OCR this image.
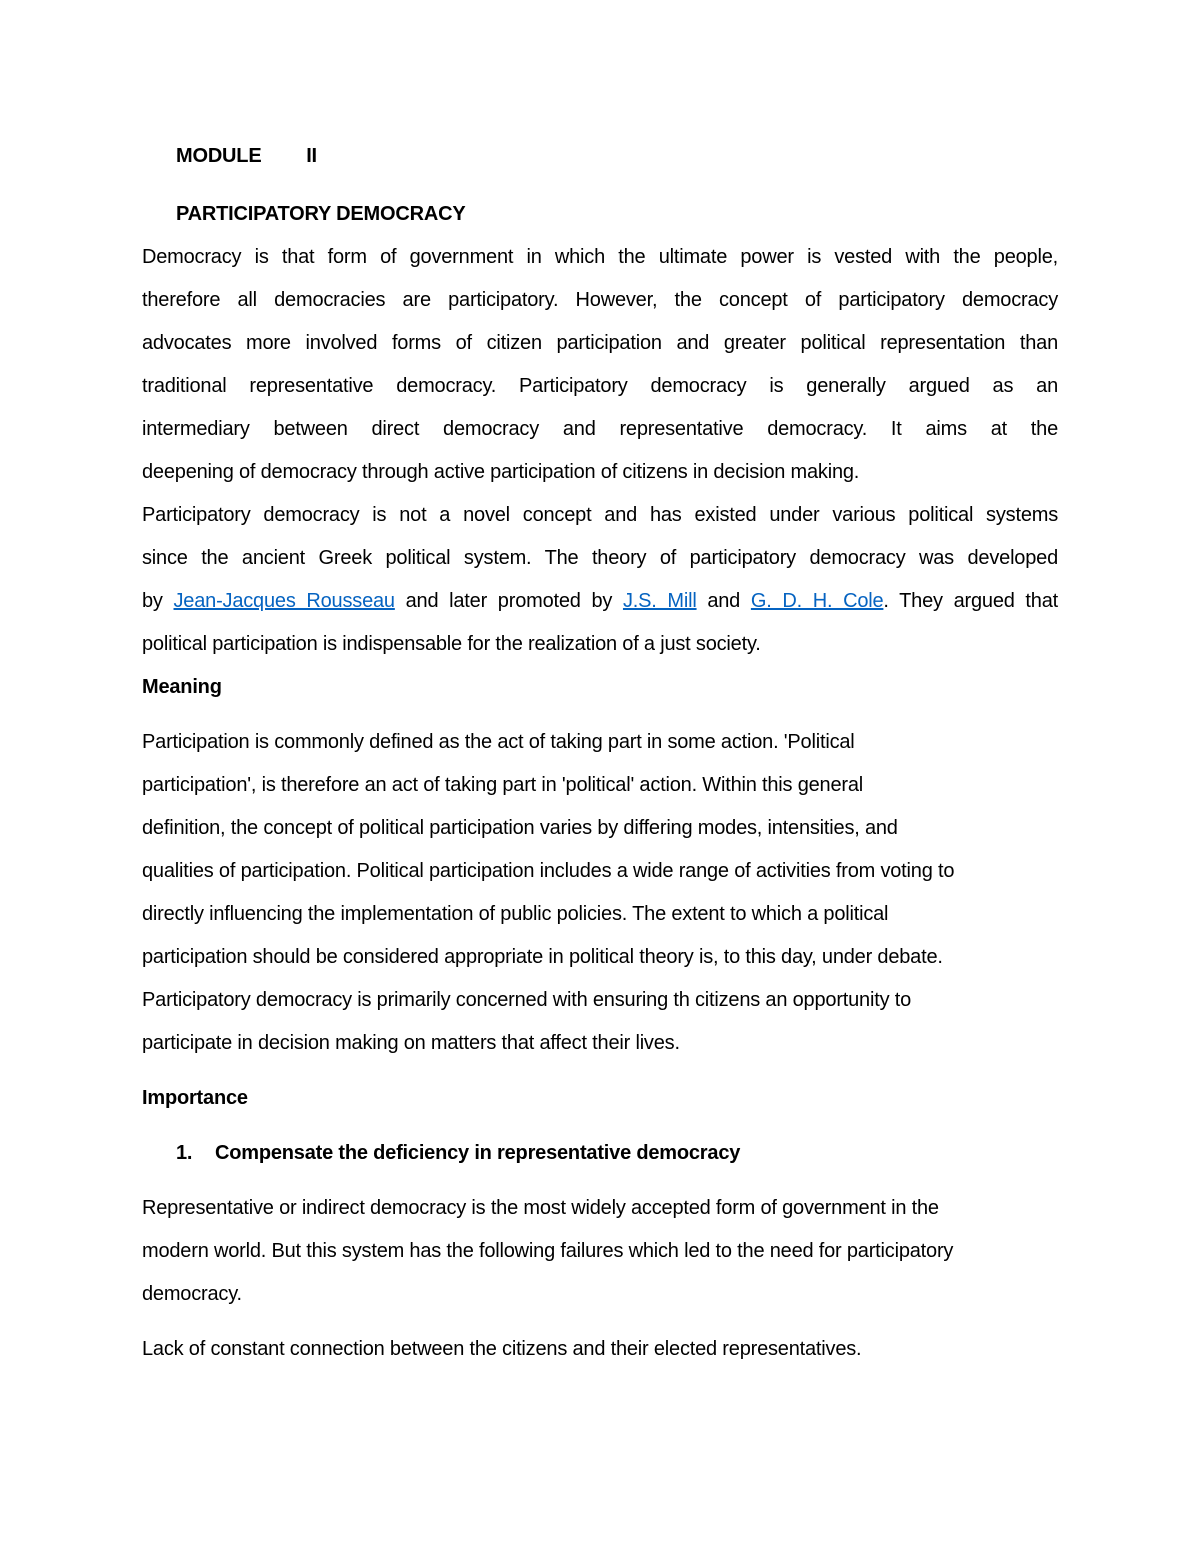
MODULE II
PARTICIPATORY DEMOCRACY
Democracy is that form of government in which the ultimate power is vested with the people,
therefore all democracies are participatory. However, the concept of participatory democracy
advocates more involved forms of citizen participation and greater political representation than
traditional representative democracy. Participatory democracy is generally argued as an
intermediary between direct democracy and representative democracy. It aims at the
deepening of democracy through active participation of citizens in decision making.
Participatory democracy is not a novel concept and has existed under various political systems
since the ancient Greek political system. The theory of participatory democracy was developed
by Jean-Jacques Rousseau and later promoted by J.S. Mill and G. D. H. Cole. They argued that
political participation is indispensable for the realization of a just society.
Meaning
Participation is commonly defined as the act of taking part in some action. 'Political
participation', is therefore an act of taking part in 'political' action. Within this general
definition, the concept of political participation varies by differing modes, intensities, and
qualities of participation. Political participation includes a wide range of activities from voting to
directly influencing the implementation of public policies. The extent to which a political
participation should be considered appropriate in political theory is, to this day, under debate.
Participatory democracy is primarily concerned with ensuring th citizens an opportunity to
participate in decision making on matters that affect their lives.
Importance
1. Compensate the deficiency in representative democracy
Representative or indirect democracy is the most widely accepted form of government in the
modern world. But this system has the following failures which led to the need for participatory
democracy.
Lack of constant connection between the citizens and their elected representatives.
